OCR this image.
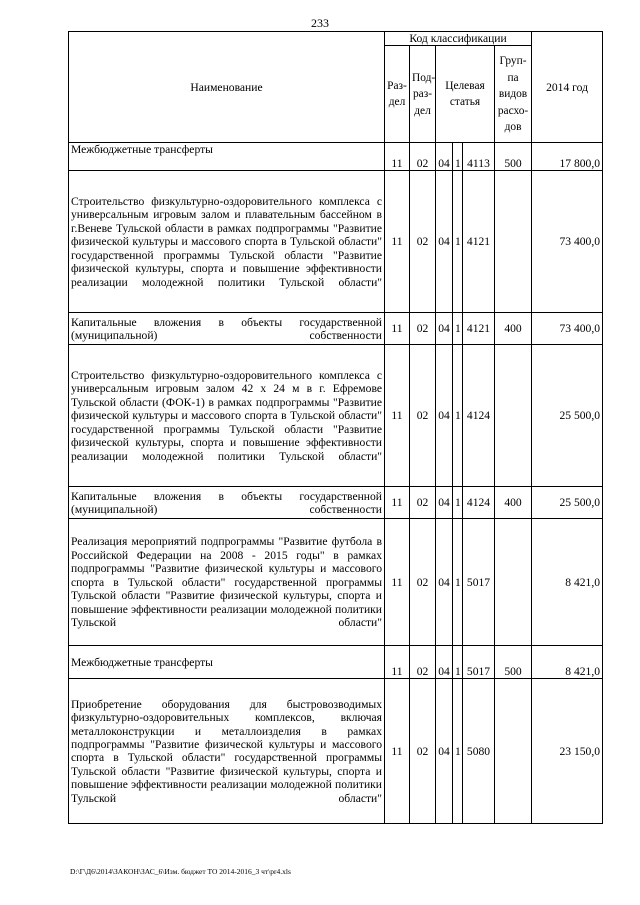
233
Наименование	Код классификации						2014 год
	Раз-дел	Под-раз-дел	Целевая статья			Груп-па видов расхо-дов	
Межбюджетные трансферты	11	02	04	1	4113	500	17 800,0
Строительство физкультурно-оздоровительного комплекса с универсальным игровым залом и плавательным бассейном в г.Веневе Тульской области в рамках подпрограммы "Развитие физической культуры и массового спорта в Тульской области" государственной программы Тульской области "Развитие физической культуры, спорта и повышение эффективности реализации молодежной политики Тульской области"	11	02	04	1	4121		73 400,0
Капитальные вложения в объекты государственной (муниципальной) собственности	11	02	04	1	4121	400	73 400,0
Строительство физкультурно-оздоровительного комплекса с универсальным игровым залом 42 х 24 м в г. Ефремове Тульской области (ФОК-1) в рамках подпрограммы "Развитие физической культуры и массового спорта в Тульской области" государственной программы Тульской области "Развитие физической культуры, спорта и повышение эффективности реализации молодежной политики Тульской области"	11	02	04	1	4124		25 500,0
Капитальные вложения в объекты государственной (муниципальной) собственности	11	02	04	1	4124	400	25 500,0
Реализация мероприятий подпрограммы "Развитие футбола в Российской Федерации на 2008 - 2015 годы" в рамках подпрограммы "Развитие физической культуры и массового спорта в Тульской области" государственной программы Тульской области "Развитие физической культуры, спорта и повышение эффективности реализации молодежной политики Тульской области"	11	02	04	1	5017		8 421,0
Межбюджетные трансферты	11	02	04	1	5017	500	8 421,0
Приобретение оборудования для быстровозводимых физкультурно-оздоровительных комплексов, включая металлоконструкции и металлоизделия в рамках подпрограммы "Развитие физической культуры и массового спорта в Тульской области" государственной программы Тульской области "Развитие физической культуры, спорта и повышение эффективности реализации молодежной политики Тульской области"	11	02	04	1	5080		23 150,0
D:\Г\Д6\2014\ЗАКОН\ЗАС_6\Изм. бюджет ТО 2014-2016_3 чт\pr4.xls
